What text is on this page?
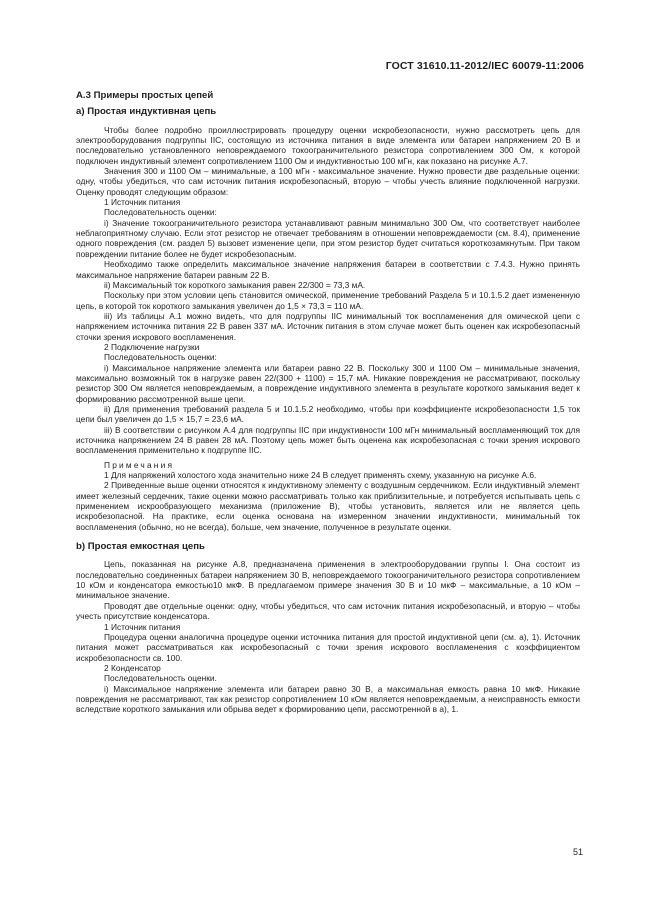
ГОСТ 31610.11-2012/IEC 60079-11:2006

A.3 Примеры простых цепей

а) Простая индуктивная цепь

Чтобы более подробно проиллюстрировать процедуру оценки искробезопасности, нужно рассмотреть цепь для электрооборудования подгруппы IIC, состоящую из источника питания в виде элемента или батареи напряжением 20 В и последовательно установленного неповреждаемого токоограничительного резистора сопротивлением 300 Ом, к которой подключен индуктивный элемент сопротивлением 1100 Ом и индуктивностью 100 мГн, как показано на рисунке А.7.

Значения 300 и 1100 Ом – минимальные, а 100 мГн - максимальное значение. Нужно провести две раздельные оценки: одну, чтобы убедиться, что сам источник питания искробезопасный, вторую – чтобы учесть влияние подключенной нагрузки. Оценку проводят следующим образом:

1 Источник питания

Последовательность оценки:

i) Значение токоограничительного резистора устанавливают равным минимально 300 Ом, что соответствует наиболее неблагоприятному случаю. Если этот резистор не отвечает требованиям в отношении неповреждаемости (см. 8.4), применение одного повреждения (см. раздел 5) вызовет изменение цепи, при этом резистор будет считаться короткозамкнутым. При таком повреждении питание более не будет искробезопасным.

Необходимо также определить максимальное значение напряжения батареи в соответствии с 7.4.3. Нужно принять максимальное напряжение батареи равным 22 В.

ii) Максимальный ток короткого замыкания равен 22/300 = 73,3 мА.

Поскольку при этом условии цепь становится омической, применение требований Раздела 5 и 10.1.5.2 дает измененную цепь, в которой ток короткого замыкания увеличен до 1,5 × 73,3 = 110 мА.

iii) Из таблицы А.1 можно видеть, что для подгруппы IIC минимальный ток воспламенения для омической цепи с напряжением источника питания 22 В равен 337 мА. Источник питания в этом случае может быть оценен как искробезопасный сточки зрения искрового воспламенения.

2 Подключение нагрузки

Последовательность оценки:

i) Максимальное напряжение элемента или батареи равно 22 В. Поскольку 300 и 1100 Ом – минимальные значения, максимально возможный ток в нагрузке равен 22/(300 + 1100) = 15,7 мА. Никакие повреждения не рассматривают, поскольку резистор 300 Ом является неповреждаемым, а повреждение индуктивного элемента в результате короткого замыкания ведет к формированию рассмотренной выше цепи.

ii) Для применения требований раздела 5 и 10.1.5.2 необходимо, чтобы при коэффициенте искробезопасности 1,5 ток цепи был увеличен до 1,5 × 15,7 = 23,6 мА.

iii) В соответствии с рисунком А.4 для подгруппы IIC при индуктивности 100 мГн минимальный воспламеняющий ток для источника напряжением 24 В равен 28 мА. Поэтому цепь может быть оценена как искробезопасная с точки зрения искрового воспламенения применительно к подгруппе IIC.

Примечания

1 Для напряжений холостого хода значительно ниже 24 В следует применять схему, указанную на рисунке А.6.

2 Приведенные выше оценки относятся к индуктивному элементу с воздушным сердечником. Если индуктивный элемент имеет железный сердечник, такие оценки можно рассматривать только как приблизительные, и потребуется испытывать цепь с применением искрообразующего механизма (приложение В), чтобы установить, является или не является цепь искробезопасной. На практике, если оценка основана на измеренном значении индуктивности, минимальный ток воспламенения (обычно, но не всегда), больше, чем значение, полученное в результате оценки.

b) Простая емкостная цепь

Цепь, показанная на рисунке А.8, предназначена применения в электрооборудовании группы I. Она состоит из последовательно соединенных батареи напряжением 30 В, неповреждаемого токоограничительного резистора сопротивлением 10 кОм и конденсатора емкостью10 мкФ. В предлагаемом примере значения 30 В и 10 мкФ – максимальные, а 10 кОм – минимальное значение.

Проводят две отдельные оценки: одну, чтобы убедиться, что сам источник питания искробезопасный, и вторую – чтобы учесть присутствие конденсатора.

1 Источник питания

Процедура оценки аналогична процедуре оценки источника питания для простой индуктивной цепи (см. а), 1). Источник питания может рассматриваться как искробезопасный с точки зрения искрового воспламенения с коэффициентом искробезопасности св. 100.

2 Конденсатор

Последовательность оценки.

i) Максимальное напряжение элемента или батареи равно 30 В, а максимальная емкость равна 10 мкФ. Никакие повреждения не рассматривают, так как резистор сопротивлением 10 кОм является неповреждаемым, а неисправность емкости вследствие короткого замыкания или обрыва ведет к формированию цепи, рассмотренной в а), 1.

51
